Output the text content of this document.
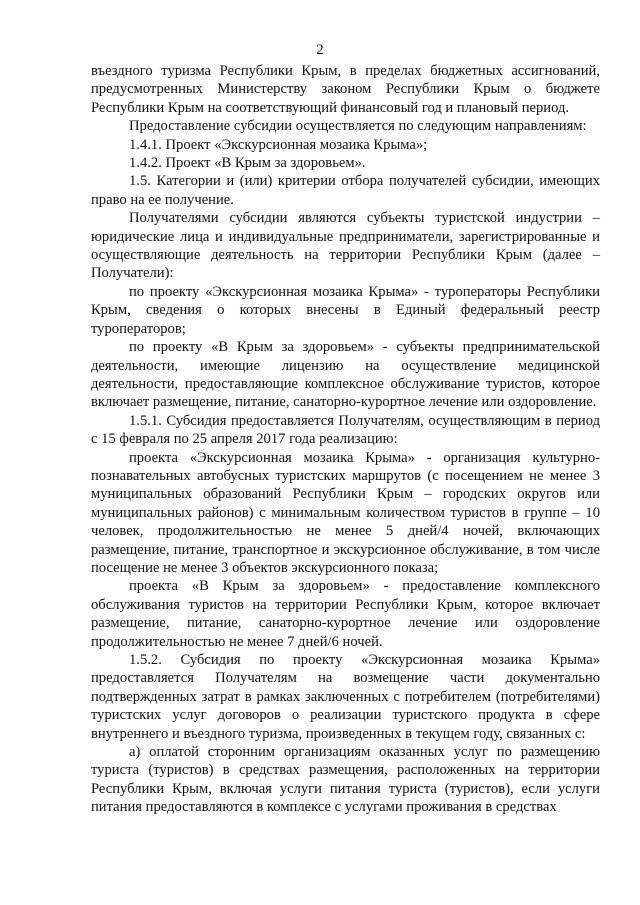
2

въездного туризма Республики Крым, в пределах бюджетных ассигнований, предусмотренных Министерству законом Республики Крым о бюджете Республики Крым на соответствующий финансовый год и плановый период.

Предоставление субсидии осуществляется по следующим направлениям:

1.4.1. Проект «Экскурсионная мозаика Крыма»;

1.4.2. Проект «В Крым за здоровьем».

1.5. Категории и (или) критерии отбора получателей субсидии, имеющих право на ее получение.

Получателями субсидии являются субъекты туристской индустрии – юридические лица и индивидуальные предприниматели, зарегистрированные и осуществляющие деятельность на территории Республики Крым (далее – Получатели):

по проекту «Экскурсионная мозаика Крыма» - туроператоры Республики Крым, сведения о которых внесены в Единый федеральный реестр туроператоров;

по проекту «В Крым за здоровьем» - субъекты предпринимательской деятельности, имеющие лицензию на осуществление медицинской деятельности, предоставляющие комплексное обслуживание туристов, которое включает размещение, питание, санаторно-курортное лечение или оздоровление.

1.5.1. Субсидия предоставляется Получателям, осуществляющим в период с 15 февраля по 25 апреля 2017 года реализацию:

проекта «Экскурсионная мозаика Крыма» - организация культурно-познавательных автобусных туристских маршрутов (с посещением не менее 3 муниципальных образований Республики Крым – городских округов или муниципальных районов) с минимальным количеством туристов в группе – 10 человек, продолжительностью не менее 5 дней/4 ночей, включающих размещение, питание, транспортное и экскурсионное обслуживание, в том числе посещение не менее 3 объектов экскурсионного показа;

проекта «В Крым за здоровьем» - предоставление комплексного обслуживания туристов на территории Республики Крым, которое включает размещение, питание, санаторно-курортное лечение или оздоровление продолжительностью не менее 7 дней/6 ночей.

1.5.2. Субсидия по проекту «Экскурсионная мозаика Крыма» предоставляется Получателям на возмещение части документально подтвержденных затрат в рамках заключенных с потребителем (потребителями) туристских услуг договоров о реализации туристского продукта в сфере внутреннего и въездного туризма, произведенных в текущем году, связанных с:

а) оплатой сторонним организациям оказанных услуг по размещению туриста (туристов) в средствах размещения, расположенных на территории Республики Крым, включая услуги питания туриста (туристов), если услуги питания предоставляются в комплексе с услугами проживания в средствах
